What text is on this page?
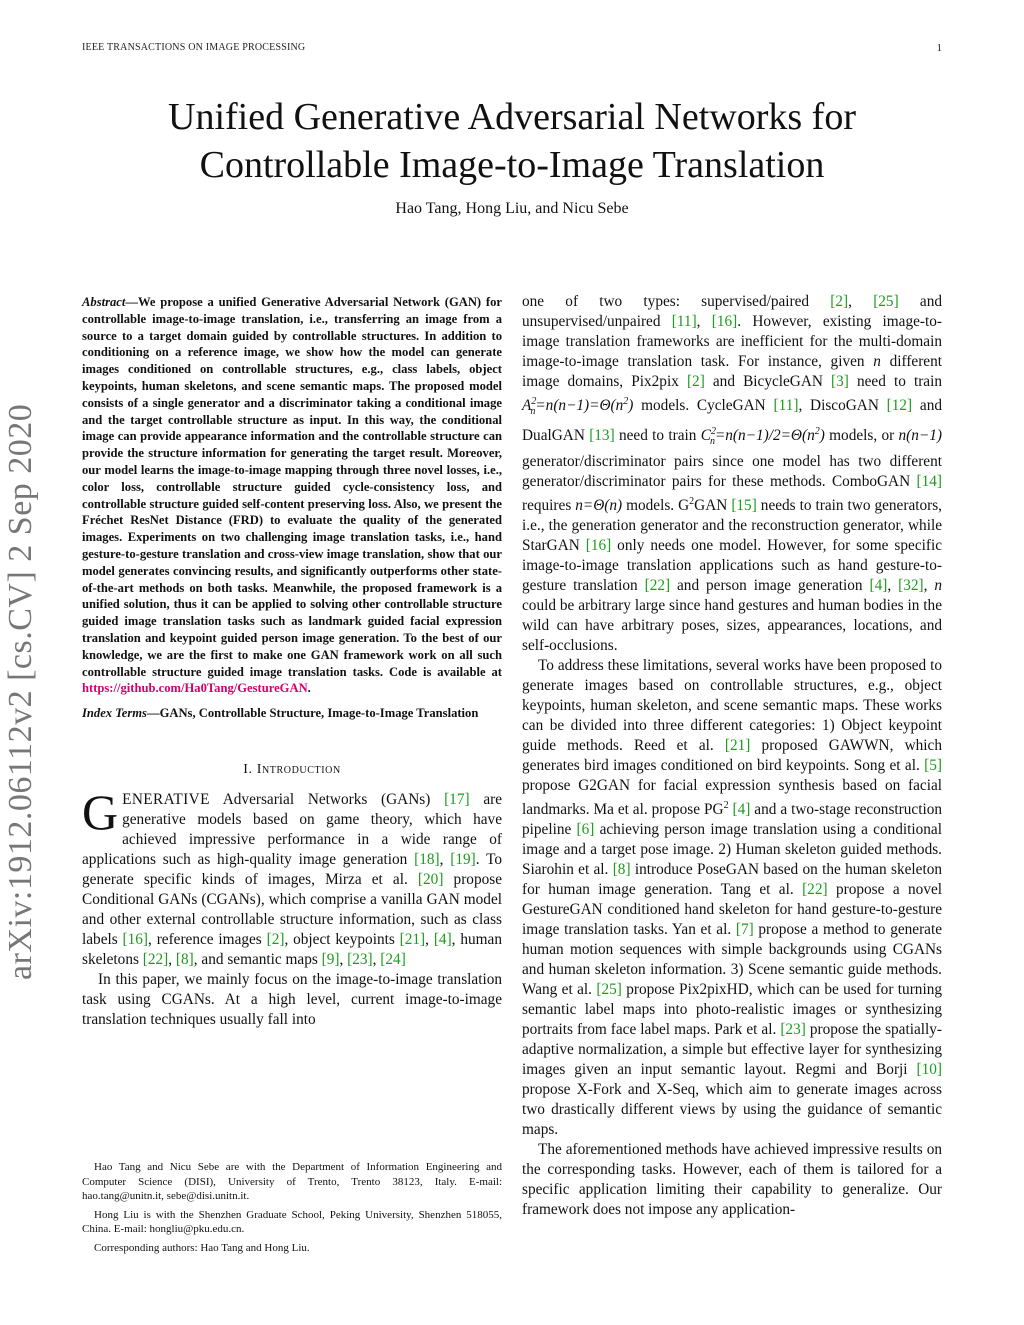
IEEE TRANSACTIONS ON IMAGE PROCESSING	1
Unified Generative Adversarial Networks for
Controllable Image-to-Image Translation
Hao Tang, Hong Liu, and Nicu Sebe
arXiv:1912.06112v2 [cs.CV] 2 Sep 2020

Abstract—We propose a unified Generative Adversarial Network (GAN) for controllable image-to-image translation, i.e., transferring an image from a source to a target domain guided by controllable structures. In addition to conditioning on a reference image, we show how the model can generate images conditioned on controllable structures, e.g., class labels, object keypoints, human skeletons, and scene semantic maps. The proposed model consists of a single generator and a discriminator taking a conditional image and the target controllable structure as input. In this way, the conditional image can provide appearance information and the controllable structure can provide the structure information for generating the target result. Moreover, our model learns the image-to-image mapping through three novel losses, i.e., color loss, controllable structure guided cycle-consistency loss, and controllable structure guided self-content preserving loss. Also, we present the Fréchet ResNet Distance (FRD) to evaluate the quality of the generated images. Experiments on two challenging image translation tasks, i.e., hand gesture-to-gesture translation and cross-view image translation, show that our model generates convincing results, and significantly outperforms other state-of-the-art methods on both tasks. Meanwhile, the proposed framework is a unified solution, thus it can be applied to solving other controllable structure guided image translation tasks such as landmark guided facial expression translation and keypoint guided person image generation. To the best of our knowledge, we are the first to make one GAN framework work on all such controllable structure guided image translation tasks. Code is available at https://github.com/Ha0Tang/GestureGAN.

Index Terms—GANs, Controllable Structure, Image-to-Image Translation

I. Introduction

GENERATIVE Adversarial Networks (GANs) [17] are generative models based on game theory, which have achieved impressive performance in a wide range of applications such as high-quality image generation [18], [19]. To generate specific kinds of images, Mirza et al. [20] propose Conditional GANs (CGANs), which comprise a vanilla GAN model and other external controllable structure information, such as class labels [16], reference images [2], object keypoints [21], [4], human skeletons [22], [8], and semantic maps [9], [23], [24]

In this paper, we mainly focus on the image-to-image translation task using CGANs. At a high level, current image-to-image translation techniques usually fall into

Hao Tang and Nicu Sebe are with the Department of Information Engineering and Computer Science (DISI), University of Trento, Trento 38123, Italy. E-mail: hao.tang@unitn.it, sebe@disi.unitn.it.

Hong Liu is with the Shenzhen Graduate School, Peking University, Shenzhen 518055, China. E-mail: hongliu@pku.edu.cn.

Corresponding authors: Hao Tang and Hong Liu.

one of two types: supervised/paired [2], [25] and unsupervised/unpaired [11], [16]. However, existing image-to-image translation frameworks are inefficient for the multi-domain image-to-image translation task. For instance, given n different image domains, Pix2pix [2] and BicycleGAN [3] need to train $A^2_n=n(n-1)=\Theta(n^2)$ models. CycleGAN [11], DiscoGAN [12] and DualGAN [13] need to train $C^2_n=n(n-1)/2=\Theta(n^2)$ models, or n(n−1) generator/discriminator pairs since one model has two different generator/discriminator pairs for these methods. ComboGAN [14] requires n=Θ(n) models. $G^2GAN$ [15] needs to train two generators, i.e., the generation generator and the reconstruction generator, while StarGAN [16] only needs one model. However, for some specific image-to-image translation applications such as hand gesture-to-gesture translation [22] and person image generation [4], [32], n could be arbitrary large since hand gestures and human bodies in the wild can have arbitrary poses, sizes, appearances, locations, and self-occlusions.

To address these limitations, several works have been proposed to generate images based on controllable structures, e.g., object keypoints, human skeleton, and scene semantic maps. These works can be divided into three different categories: 1) Object keypoint guide methods. Reed et al. [21] proposed GAWWN, which generates bird images conditioned on bird keypoints. Song et al. [5] propose G2GAN for facial expression synthesis based on facial landmarks. Ma et al. propose $PG^2$ [4] and a two-stage reconstruction pipeline [6] achieving person image translation using a conditional image and a target pose image. 2) Human skeleton guided methods. Siarohin et al. [8] introduce PoseGAN based on the human skeleton for human image generation. Tang et al. [22] propose a novel GestureGAN conditioned hand skeleton for hand gesture-to-gesture image translation tasks. Yan et al. [7] propose a method to generate human motion sequences with simple backgrounds using CGANs and human skeleton information. 3) Scene semantic guide methods. Wang et al. [25] propose Pix2pixHD, which can be used for turning semantic label maps into photo-realistic images or synthesizing portraits from face label maps. Park et al. [23] propose the spatially-adaptive normalization, a simple but effective layer for synthesizing images given an input semantic layout. Regmi and Borji [10] propose X-Fork and X-Seq, which aim to generate images across two drastically different views by using the guidance of semantic maps.

The aforementioned methods have achieved impressive results on the corresponding tasks. However, each of them is tailored for a specific application limiting their capability to generalize. Our framework does not impose any application-
